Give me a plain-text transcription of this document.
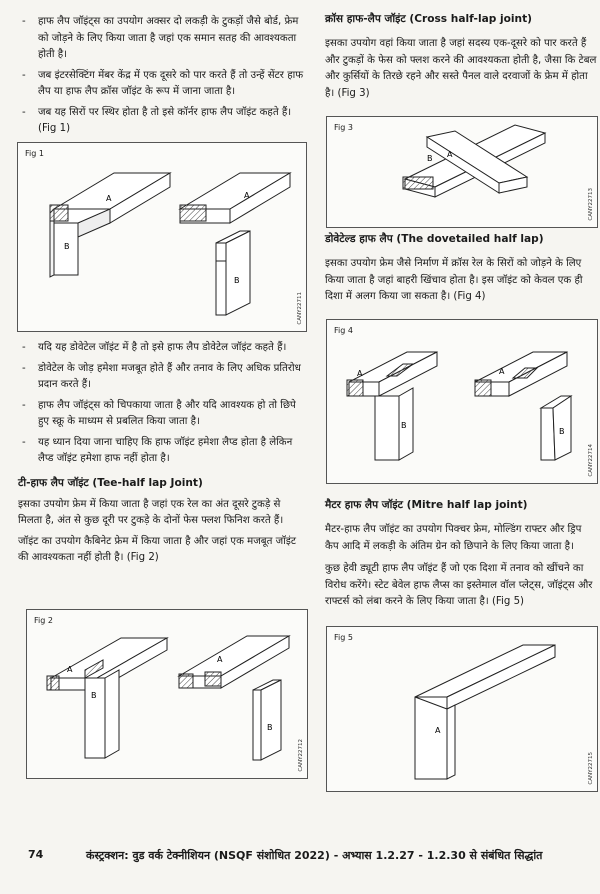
- हाफ लैप जॉइंट्स का उपयोग अक्सर दो लकड़ी के टुकड़ों जैसे बोर्ड, फ्रेम को जोड़ने के लिए किया जाता है जहां एक समान सतह की आवश्यकता होती है।
- जब इंटरसेक्टिंग मेंबर केंद्र में एक दूसरे को पार करते हैं तो उन्हें सेंटर हाफ लैप या हाफ लैप क्रॉस जॉइंट के रूप में जाना जाता है।
- जब यह सिरों पर स्थिर होता है तो इसे कॉर्नर हाफ लैप जॉइंट कहते हैं। (Fig 1)
Fig 1
CANY22711
A
B
A
B
- यदि यह डोवेटेल जॉइंट में है तो इसे हाफ लैप डोवेटेल जॉइंट कहते हैं।
- डोवेटेल के जोड़ हमेशा मजबूत होते हैं और तनाव के लिए अधिक प्रतिरोध प्रदान करते हैं।
- हाफ लैप जॉइंट्स को चिपकाया जाता है और यदि आवश्यक हो तो छिपे हुए स्क्रू के माध्यम से प्रबलित किया जाता है।
- यह ध्यान दिया जाना चाहिए कि हाफ जॉइंट हमेशा लैप्ड होता है लेकिन लैप्ड जॉइंट हमेशा हाफ नहीं होता है।
टी-हाफ लैप जॉइंट (Tee-half lap Joint)

इसका उपयोग फ्रेम में किया जाता है जहां एक रेल का अंत दूसरे टुकड़े से मिलता है, अंत से कुछ दूरी पर टुकड़े के दोनों फेस फ्लश फिनिश करते हैं।

जॉइंट का उपयोग कैबिनेट फ्रेम में किया जाता है और जहां एक मजबूत जॉइंट की आवश्यकता नहीं होती है। (Fig 2)

Fig 2
CANY22712
A
B
A
B
क्रॉस हाफ-लैप जॉइंट (Cross half-lap joint)

इसका उपयोग वहां किया जाता है जहां सदस्य एक-दूसरे को पार करते हैं और टुकड़ों के फेस को फ्लश करने की आवश्यकता होती है, जैसा कि टेबल और कुर्सियों के तिरछे रहने और सस्ते पैनल वाले दरवाजों के फ्रेम में होता है। (Fig 3)

Fig 3
CANY22713
B A
डोवेटेल्ड हाफ लैप (The dovetailed half lap)

इसका उपयोग फ्रेम जैसे निर्माण में क्रॉस रेल के सिरों को जोड़ने के लिए किया जाता है जहां बाहरी खिंचाव होता है। इस जॉइंट को केवल एक ही दिशा में अलग किया जा सकता है। (Fig 4)

Fig 4
CANY22714
A
B
A
B
मैटर हाफ लैप जॉइंट (Mitre half lap joint)

मैटर-हाफ लैप जॉइंट का उपयोग पिक्चर फ्रेम, मोल्डिंग राफ्टर और ड्रिप कैप आदि में लकड़ी के अंतिम ग्रेन को छिपाने के लिए किया जाता है।

कुछ हेवी ड्यूटी हाफ लैप जॉइंट हैं जो एक दिशा में तनाव को खींचने का विरोध करेंगे। स्टेट बेवेल हाफ लैप्स का इस्तेमाल वॉल प्लेट्स, जॉइंट्स और राफ्टर्स को लंबा करने के लिए किया जाता है। (Fig 5)

Fig 5
CANY22715
A
74	कंस्ट्रक्शन: वुड वर्क टेक्नीशियन (NSQF संशोधित 2022) - अभ्यास 1.2.27 - 1.2.30 से संबंधित सिद्धांत
